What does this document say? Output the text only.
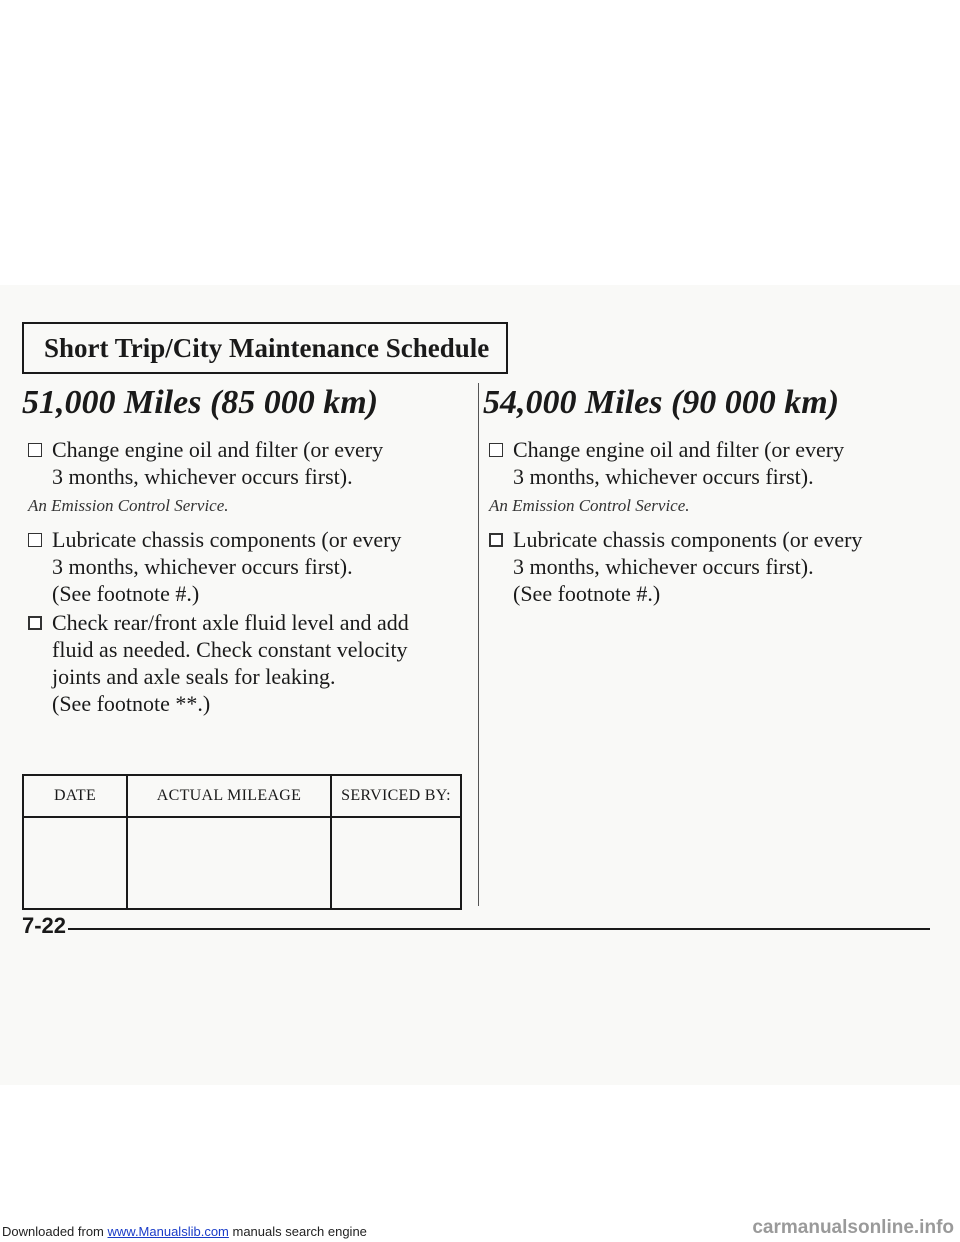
Short Trip/City Maintenance Schedule
51,000 Miles (85 000 km)
Change engine oil and filter (or every
3 months, whichever occurs first).
An Emission Control Service.
Lubricate chassis components (or every
3 months, whichever occurs first).
(See footnote #.)
Check rear/front axle fluid level and add
fluid as needed. Check constant velocity
joints and axle seals for leaking.
(See footnote **.)
54,000 Miles (90 000 km)
Change engine oil and filter (or every
3 months, whichever occurs first).
An Emission Control Service.
Lubricate chassis components (or every
3 months, whichever occurs first).
(See footnote #.)
DATE	ACTUAL MILEAGE	SERVICED BY:

7-22
Downloaded from www.Manualslib.com manuals search engine	carmanualsonline.info
